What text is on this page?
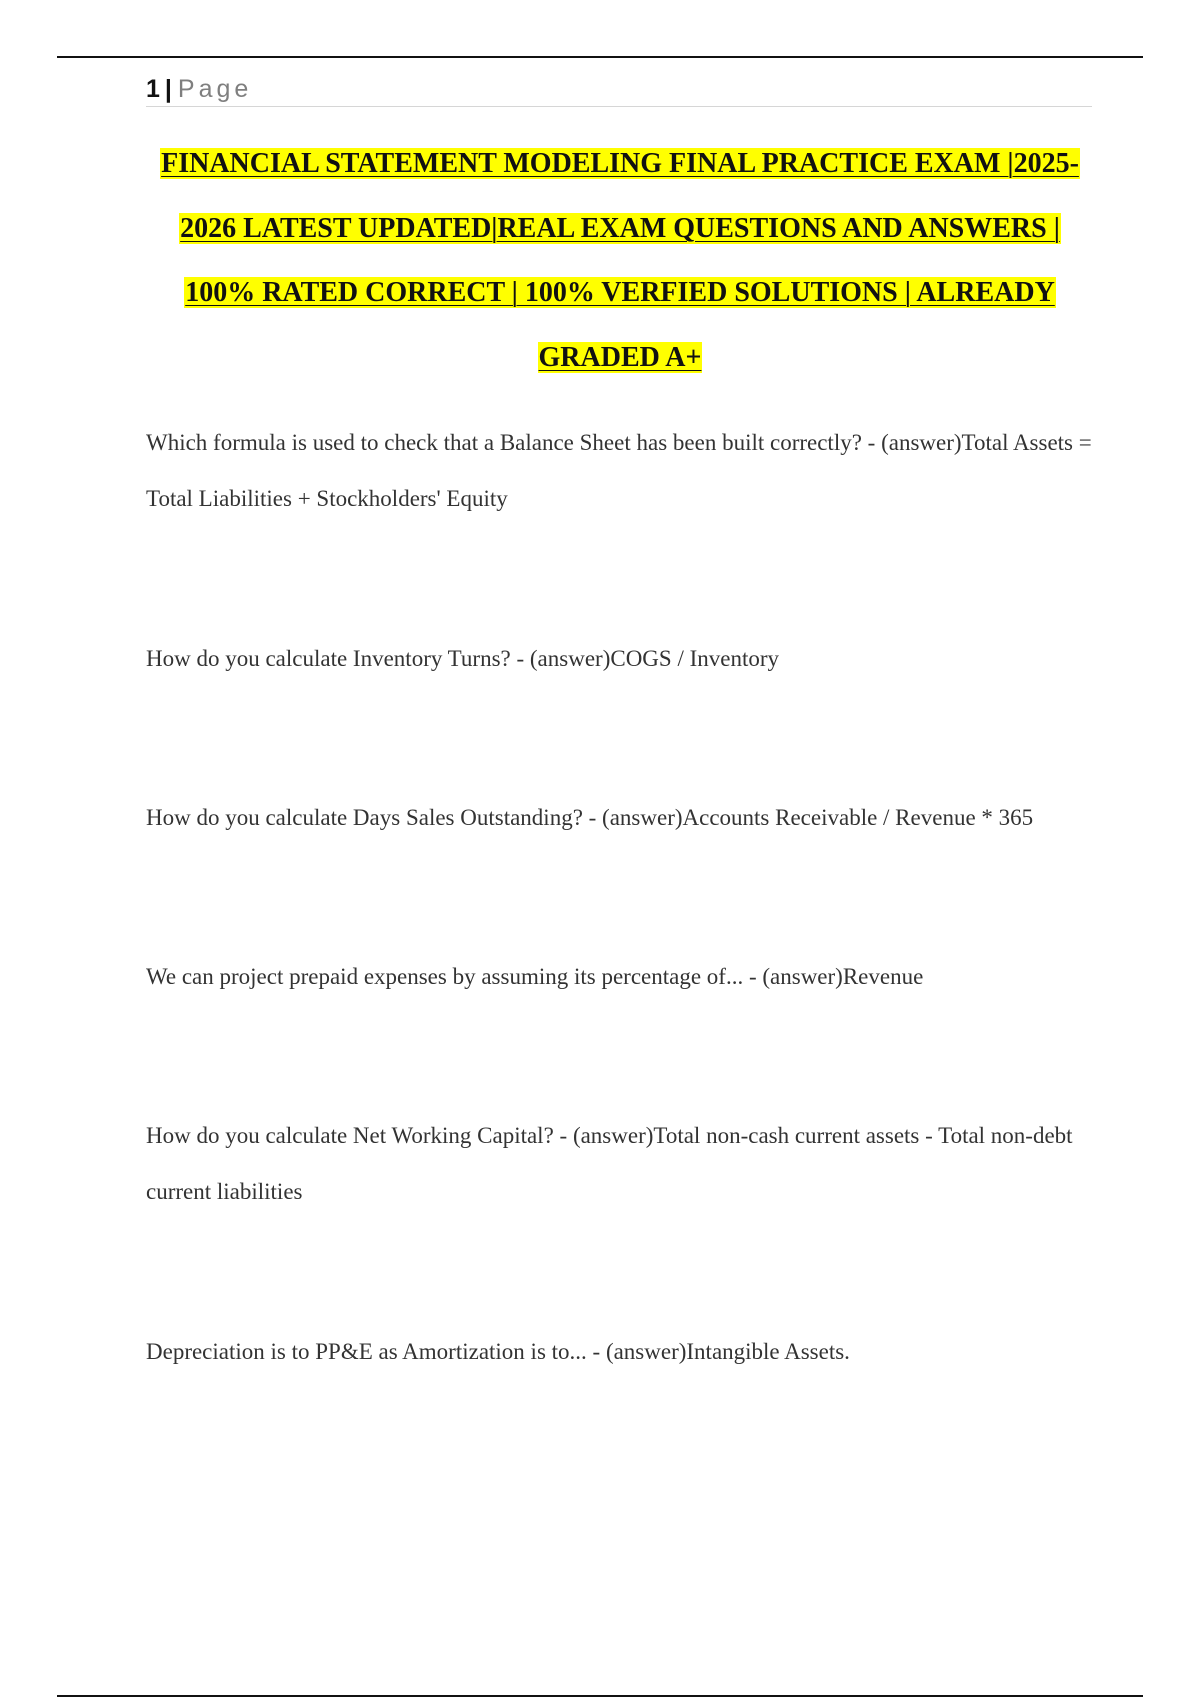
1 | Page
FINANCIAL STATEMENT MODELING FINAL PRACTICE EXAM |2025-
2026 LATEST UPDATED|REAL EXAM QUESTIONS AND ANSWERS |
100% RATED CORRECT | 100% VERFIED SOLUTIONS | ALREADY
GRADED A+

Which formula is used to check that a Balance Sheet has been built correctly? - (answer)Total Assets = Total Liabilities + Stockholders' Equity

How do you calculate Inventory Turns? - (answer)COGS / Inventory

How do you calculate Days Sales Outstanding? - (answer)Accounts Receivable / Revenue * 365

We can project prepaid expenses by assuming its percentage of... - (answer)Revenue

How do you calculate Net Working Capital? - (answer)Total non-cash current assets - Total non-debt current liabilities

Depreciation is to PP&E as Amortization is to... - (answer)Intangible Assets.
